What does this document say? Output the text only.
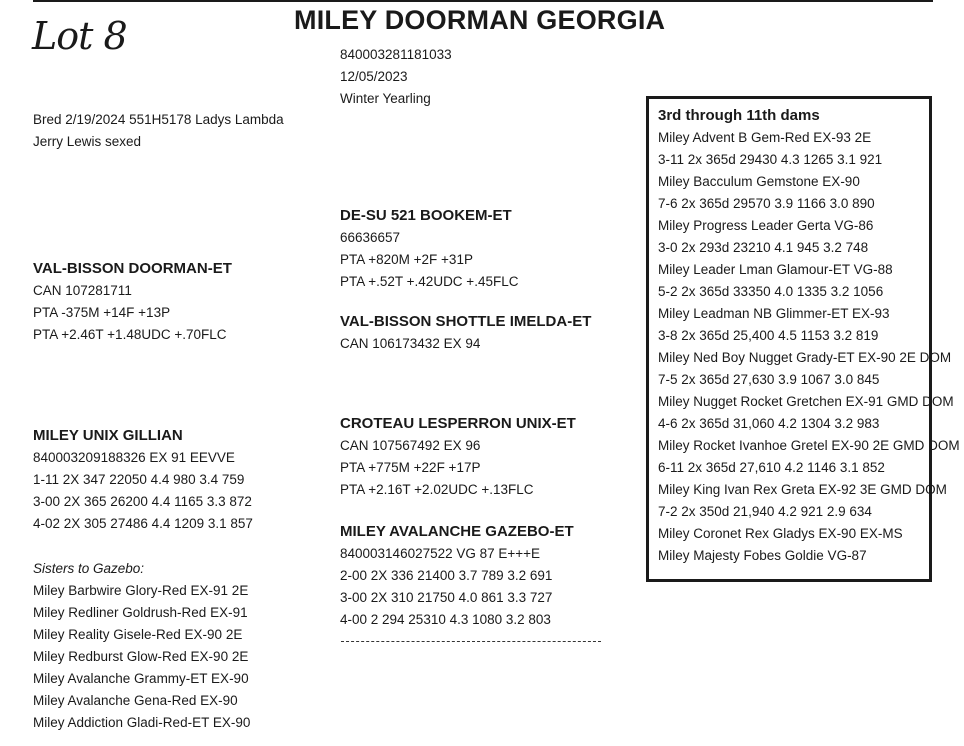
Lot 8	MILEY DOORMAN GEORGIA
840003281181033
12/05/2023
Winter Yearling
Bred 2/19/2024 551H5178 Ladys Lambda
Jerry Lewis sexed
DE-SU 521 BOOKEM-ET
66636657
PTA +820M +2F +31P
PTA +.52T +.42UDC +.45FLC
VAL-BISSON DOORMAN-ET
CAN 107281711
PTA -375M +14F +13P
PTA +2.46T +1.48UDC +.70FLC
VAL-BISSON SHOTTLE IMELDA-ET
CAN 106173432 EX 94
CROTEAU LESPERRON UNIX-ET
CAN 107567492 EX 96
PTA +775M +22F +17P
PTA +2.16T +2.02UDC +.13FLC
MILEY UNIX GILLIAN
840003209188326 EX 91 EEVVE
1-11 2X 347 22050 4.4 980 3.4 759
3-00 2X 365 26200 4.4 1165 3.3 872
4-02 2X 305 27486 4.4 1209 3.1 857	MILEY AVALANCHE GAZEBO-ET
840003146027522 VG 87 E+++E
2-00 2X 336 21400 3.7 789 3.2 691
3-00 2X 310 21750 4.0 861 3.3 727
4-00 2 294 25310 4.3 1080 3.2 803
Sisters to Gazebo:
Miley Barbwire Glory-Red EX-91 2E
Miley Redliner Goldrush-Red EX-91
Miley Reality Gisele-Red EX-90 2E
Miley Redburst Glow-Red EX-90 2E
Miley Avalanche Grammy-ET EX-90
Miley Avalanche Gena-Red EX-90
Miley Addiction Gladi-Red-ET EX-90
3rd through 11th dams
Miley Advent B Gem-Red EX-93 2E
3-11 2x 365d 29430 4.3 1265 3.1 921
Miley Bacculum Gemstone EX-90
7-6 2x 365d 29570 3.9 1166 3.0 890
Miley Progress Leader Gerta VG-86
3-0 2x 293d 23210 4.1 945 3.2 748
Miley Leader Lman Glamour-ET VG-88
5-2 2x 365d 33350 4.0 1335 3.2 1056
Miley Leadman NB Glimmer-ET EX-93
3-8 2x 365d 25,400 4.5 1153 3.2 819
Miley Ned Boy Nugget Grady-ET EX-90 2E DOM
7-5 2x 365d 27,630 3.9 1067 3.0 845
Miley Nugget Rocket Gretchen EX-91 GMD DOM
4-6 2x 365d 31,060 4.2 1304 3.2 983
Miley Rocket Ivanhoe Gretel EX-90 2E GMD DOM
6-11 2x 365d 27,610 4.2 1146 3.1 852
Miley King Ivan Rex Greta EX-92 3E GMD DOM
7-2 2x 350d 21,940 4.2 921 2.9 634
Miley Coronet Rex Gladys EX-90 EX-MS
Miley Majesty Fobes Goldie VG-87
